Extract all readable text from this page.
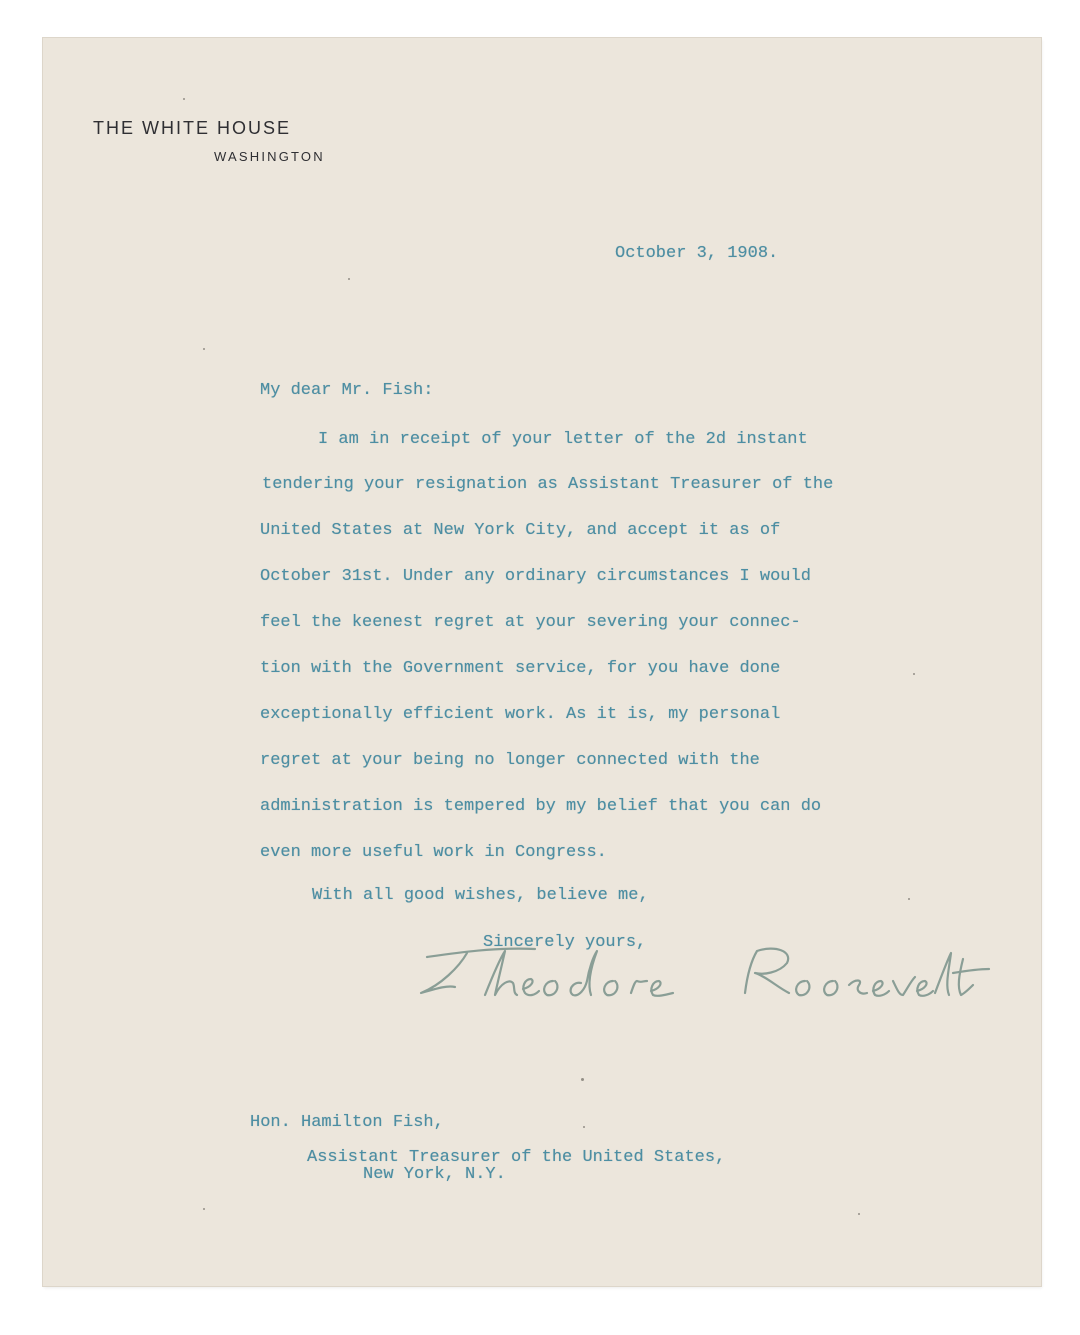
THE WHITE HOUSE
WASHINGTON
October 3, 1908.
My dear Mr. Fish:
I am in receipt of your letter of the 2d instant
tendering your resignation as Assistant Treasurer of the
United States at New York City, and accept it as of
October 31st. Under any ordinary circumstances I would
feel the keenest regret at your severing your connec-
tion with the Government service, for you have done
exceptionally efficient work. As it is, my personal
regret at your being no longer connected with the
administration is tempered by my belief that you can do
even more useful work in Congress.
With all good wishes, believe me,
Sincerely yours,
Hon. Hamilton Fish,
Assistant Treasurer of the United States,
New York, N.Y.
